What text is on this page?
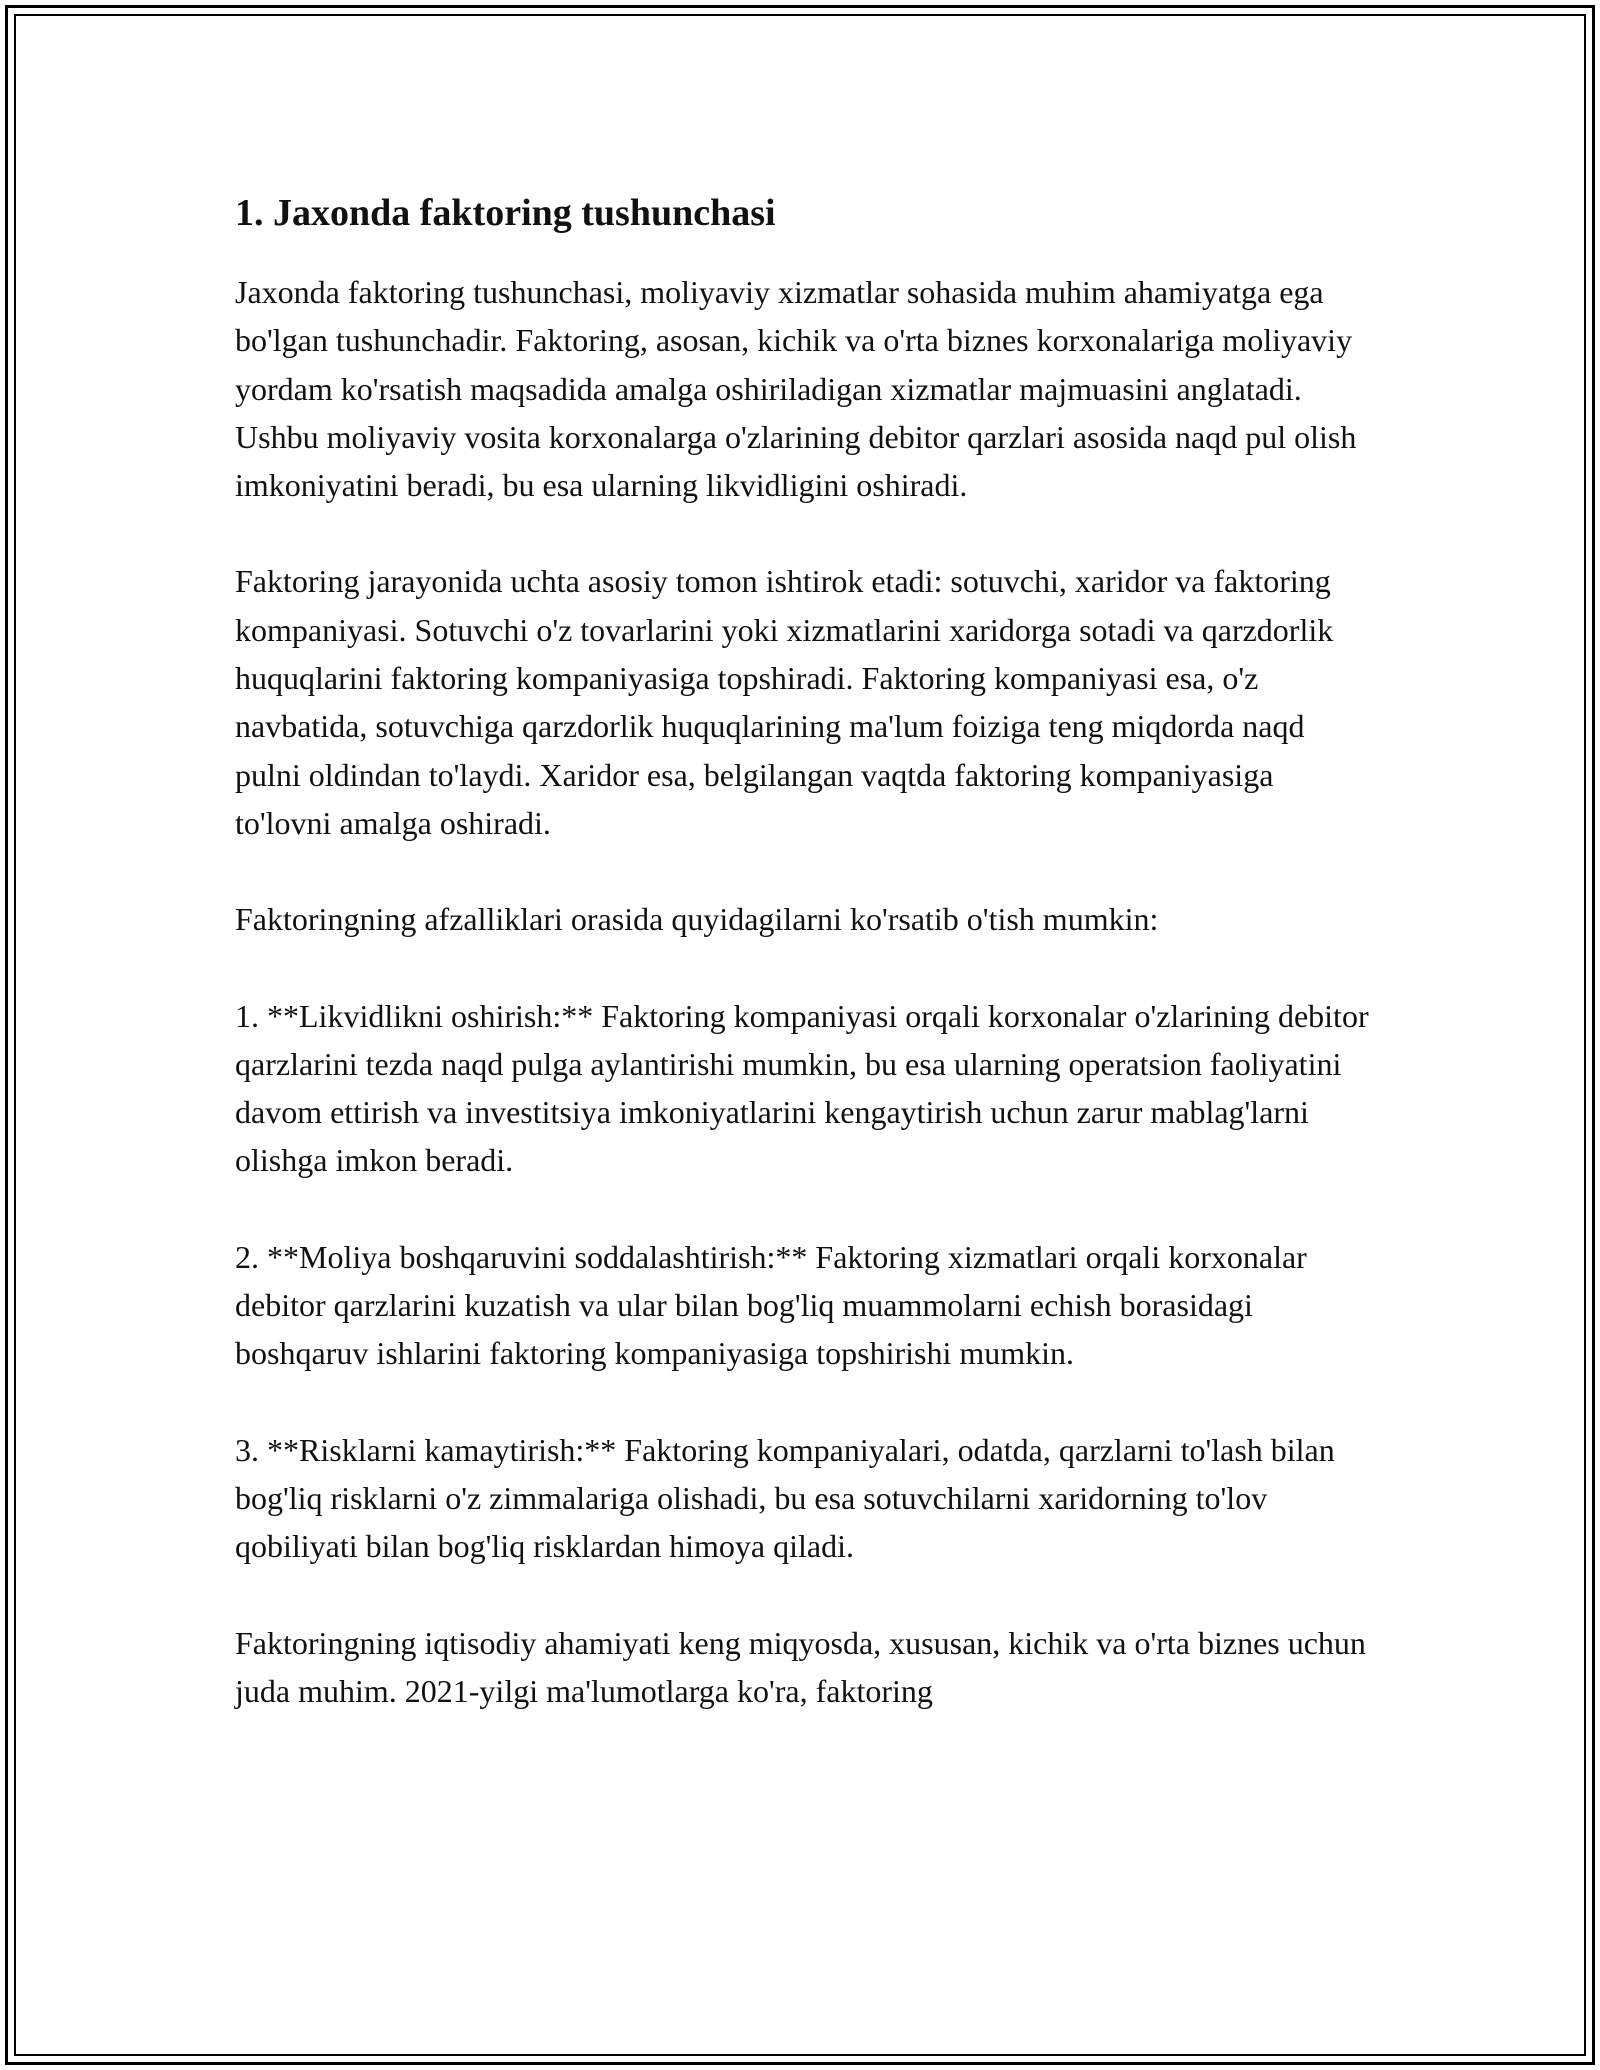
1. Jaxonda faktoring tushunchasi

Jaxonda faktoring tushunchasi, moliyaviy xizmatlar sohasida muhim ahamiyatga ega bo'lgan tushunchadir. Faktoring, asosan, kichik va o'rta biznes korxonalariga moliyaviy yordam ko'rsatish maqsadida amalga oshiriladigan xizmatlar majmuasini anglatadi. Ushbu moliyaviy vosita korxonalarga o'zlarining debitor qarzlari asosida naqd pul olish imkoniyatini beradi, bu esa ularning likvidligini oshiradi.

Faktoring jarayonida uchta asosiy tomon ishtirok etadi: sotuvchi, xaridor va faktoring kompaniyasi. Sotuvchi o'z tovarlarini yoki xizmatlarini xaridorga sotadi va qarzdorlik huquqlarini faktoring kompaniyasiga topshiradi. Faktoring kompaniyasi esa, o'z navbatida, sotuvchiga qarzdorlik huquqlarining ma'lum foiziga teng miqdorda naqd pulni oldindan to'laydi. Xaridor esa, belgilangan vaqtda faktoring kompaniyasiga to'lovni amalga oshiradi.

Faktoringning afzalliklari orasida quyidagilarni ko'rsatib o'tish mumkin:

1. **Likvidlikni oshirish:** Faktoring kompaniyasi orqali korxonalar o'zlarining debitor qarzlarini tezda naqd pulga aylantirishi mumkin, bu esa ularning operatsion faoliyatini davom ettirish va investitsiya imkoniyatlarini kengaytirish uchun zarur mablag'larni olishga imkon beradi.

2. **Moliya boshqaruvini soddalashtirish:** Faktoring xizmatlari orqali korxonalar debitor qarzlarini kuzatish va ular bilan bog'liq muammolarni echish borasidagi boshqaruv ishlarini faktoring kompaniyasiga topshirishi mumkin.

3. **Risklarni kamaytirish:** Faktoring kompaniyalari, odatda, qarzlarni to'lash bilan bog'liq risklarni o'z zimmalariga olishadi, bu esa sotuvchilarni xaridorning to'lov qobiliyati bilan bog'liq risklardan himoya qiladi.

Faktoringning iqtisodiy ahamiyati keng miqyosda, xususan, kichik va o'rta biznes uchun juda muhim. 2021-yilgi ma'lumotlarga ko'ra, faktoring
